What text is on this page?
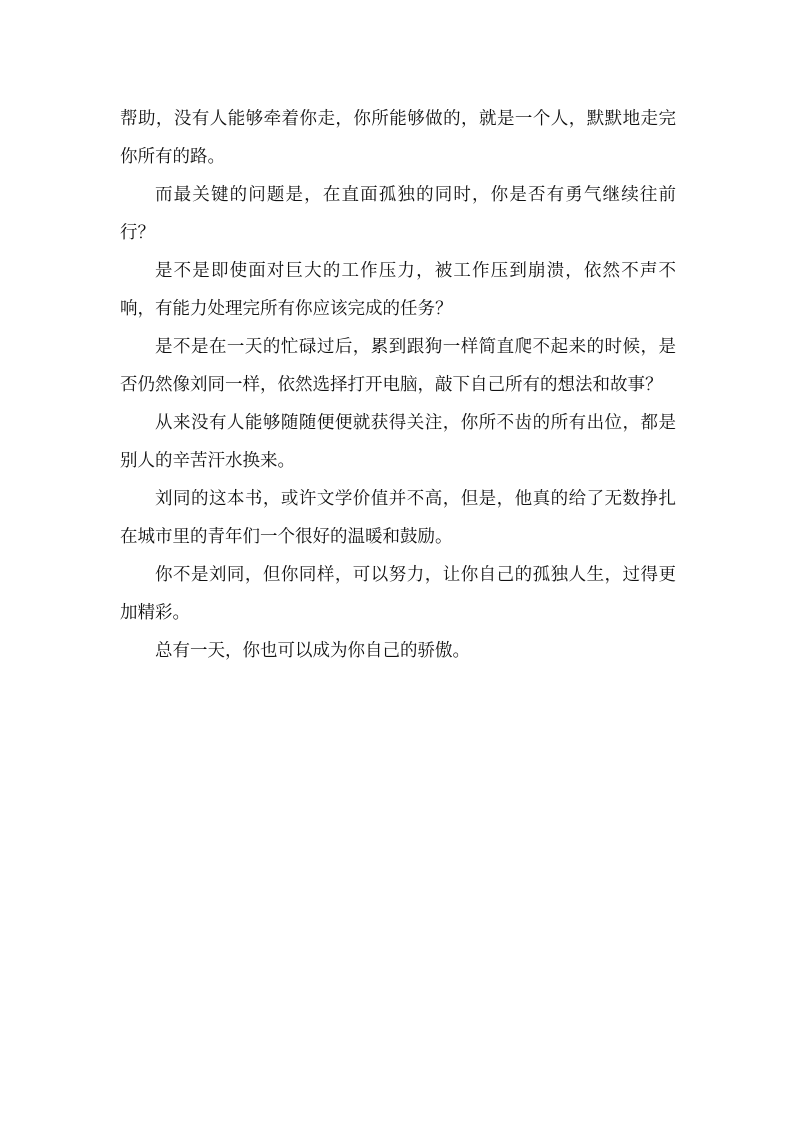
帮助，没有人能够牵着你走，你所能够做的，就是一个人，默默地走完你所有的路。

而最关键的问题是，在直面孤独的同时，你是否有勇气继续往前行？

是不是即使面对巨大的工作压力，被工作压到崩溃，依然不声不响，有能力处理完所有你应该完成的任务？

是不是在一天的忙碌过后，累到跟狗一样简直爬不起来的时候，是否仍然像刘同一样，依然选择打开电脑，敲下自己所有的想法和故事？

从来没有人能够随随便便就获得关注，你所不齿的所有出位，都是别人的辛苦汗水换来。

刘同的这本书，或许文学价值并不高，但是，他真的给了无数挣扎在城市里的青年们一个很好的温暖和鼓励。

你不是刘同，但你同样，可以努力，让你自己的孤独人生，过得更加精彩。

总有一天，你也可以成为你自己的骄傲。
